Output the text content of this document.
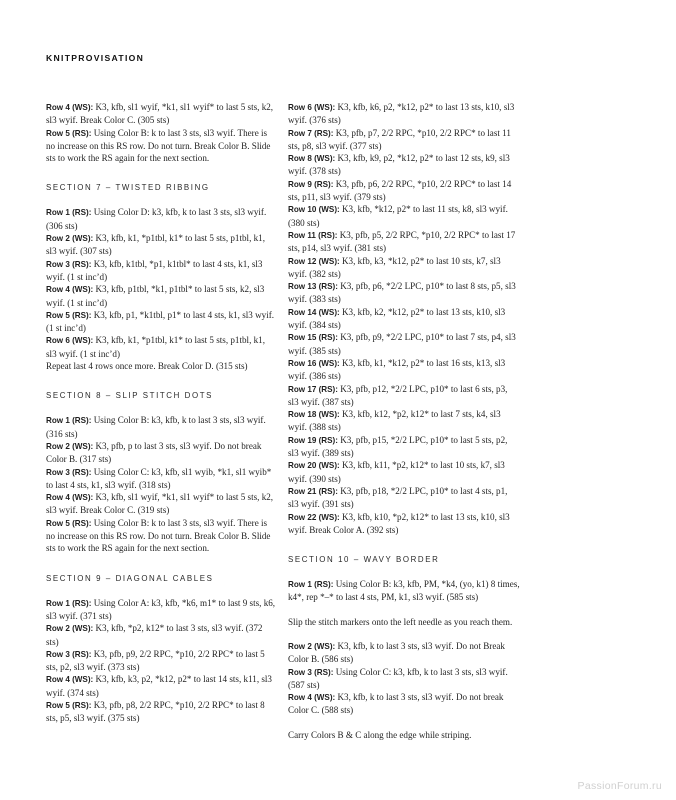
KNITPROVISATION

Row 4 (WS): K3, kfb, sl1 wyif, *k1, sl1 wyif* to last 5 sts, k2, sl3 wyif. Break Color C. (305 sts)

Row 5 (RS): Using Color B: k to last 3 sts, sl3 wyif. There is no increase on this RS row. Do not turn. Break Color B. Slide sts to work the RS again for the next section.

SECTION 7 – TWISTED RIBBING

Row 1 (RS): Using Color D: k3, kfb, k to last 3 sts, sl3 wyif. (306 sts)

Row 2 (WS): K3, kfb, k1, *p1tbl, k1* to last 5 sts, p1tbl, k1, sl3 wyif. (307 sts)

Row 3 (RS): K3, kfb, k1tbl, *p1, k1tbl* to last 4 sts, k1, sl3 wyif. (1 st inc’d)

Row 4 (WS): K3, kfb, p1tbl, *k1, p1tbl* to last 5 sts, k2, sl3 wyif. (1 st inc’d)

Row 5 (RS): K3, kfb, p1, *k1tbl, p1* to last 4 sts, k1, sl3 wyif. (1 st inc’d)

Row 6 (WS): K3, kfb, k1, *p1tbl, k1* to last 5 sts, p1tbl, k1, sl3 wyif. (1 st inc’d)

Repeat last 4 rows once more. Break Color D. (315 sts)

SECTION 8 – SLIP STITCH DOTS

Row 1 (RS): Using Color B: k3, kfb, k to last 3 sts, sl3 wyif. (316 sts)

Row 2 (WS): K3, pfb, p to last 3 sts, sl3 wyif. Do not break Color B. (317 sts)

Row 3 (RS): Using Color C: k3, kfb, sl1 wyib, *k1, sl1 wyib* to last 4 sts, k1, sl3 wyif. (318 sts)

Row 4 (WS): K3, kfb, sl1 wyif, *k1, sl1 wyif* to last 5 sts, k2, sl3 wyif. Break Color C. (319 sts)

Row 5 (RS): Using Color B: k to last 3 sts, sl3 wyif. There is no increase on this RS row. Do not turn. Break Color B. Slide sts to work the RS again for the next section.

SECTION 9 – DIAGONAL CABLES

Row 1 (RS): Using Color A: k3, kfb, *k6, m1* to last 9 sts, k6, sl3 wyif. (371 sts)

Row 2 (WS): K3, kfb, *p2, k12* to last 3 sts, sl3 wyif. (372 sts)

Row 3 (RS): K3, pfb, p9, 2/2 RPC, *p10, 2/2 RPC* to last 5 sts, p2, sl3 wyif. (373 sts)

Row 4 (WS): K3, kfb, k3, p2, *k12, p2* to last 14 sts, k11, sl3 wyif. (374 sts)

Row 5 (RS): K3, pfb, p8, 2/2 RPC, *p10, 2/2 RPC* to last 8 sts, p5, sl3 wyif. (375 sts)

Row 6 (WS): K3, kfb, k6, p2, *k12, p2* to last 13 sts, k10, sl3 wyif. (376 sts)

Row 7 (RS): K3, pfb, p7, 2/2 RPC, *p10, 2/2 RPC* to last 11 sts, p8, sl3 wyif. (377 sts)

Row 8 (WS): K3, kfb, k9, p2, *k12, p2* to last 12 sts, k9, sl3 wyif. (378 sts)

Row 9 (RS): K3, pfb, p6, 2/2 RPC, *p10, 2/2 RPC* to last 14 sts, p11, sl3 wyif. (379 sts)

Row 10 (WS): K3, kfb, *k12, p2* to last 11 sts, k8, sl3 wyif. (380 sts)

Row 11 (RS): K3, pfb, p5, 2/2 RPC, *p10, 2/2 RPC* to last 17 sts, p14, sl3 wyif. (381 sts)

Row 12 (WS): K3, kfb, k3, *k12, p2* to last 10 sts, k7, sl3 wyif. (382 sts)

Row 13 (RS): K3, pfb, p6, *2/2 LPC, p10* to last 8 sts, p5, sl3 wyif. (383 sts)

Row 14 (WS): K3, kfb, k2, *k12, p2* to last 13 sts, k10, sl3 wyif. (384 sts)

Row 15 (RS): K3, pfb, p9, *2/2 LPC, p10* to last 7 sts, p4, sl3 wyif. (385 sts)

Row 16 (WS): K3, kfb, k1, *k12, p2* to last 16 sts, k13, sl3 wyif. (386 sts)

Row 17 (RS): K3, pfb, p12, *2/2 LPC, p10* to last 6 sts, p3, sl3 wyif. (387 sts)

Row 18 (WS): K3, kfb, k12, *p2, k12* to last 7 sts, k4, sl3 wyif. (388 sts)

Row 19 (RS): K3, pfb, p15, *2/2 LPC, p10* to last 5 sts, p2, sl3 wyif. (389 sts)

Row 20 (WS): K3, kfb, k11, *p2, k12* to last 10 sts, k7, sl3 wyif. (390 sts)

Row 21 (RS): K3, pfb, p18, *2/2 LPC, p10* to last 4 sts, p1, sl3 wyif. (391 sts)

Row 22 (WS): K3, kfb, k10, *p2, k12* to last 13 sts, k10, sl3 wyif. Break Color A. (392 sts)

SECTION 10 – WAVY BORDER

Row 1 (RS): Using Color B: k3, kfb, PM, *k4, (yo, k1) 8 times, k4*, rep *–* to last 4 sts, PM, k1, sl3 wyif. (585 sts)

Slip the stitch markers onto the left needle as you reach them.

Row 2 (WS): K3, kfb, k to last 3 sts, sl3 wyif. Do not Break Color B. (586 sts)

Row 3 (RS): Using Color C: k3, kfb, k to last 3 sts, sl3 wyif. (587 sts)

Row 4 (WS): K3, kfb, k to last 3 sts, sl3 wyif. Do not break Color C. (588 sts)

Carry Colors B & C along the edge while striping.

PassionForum.ru
